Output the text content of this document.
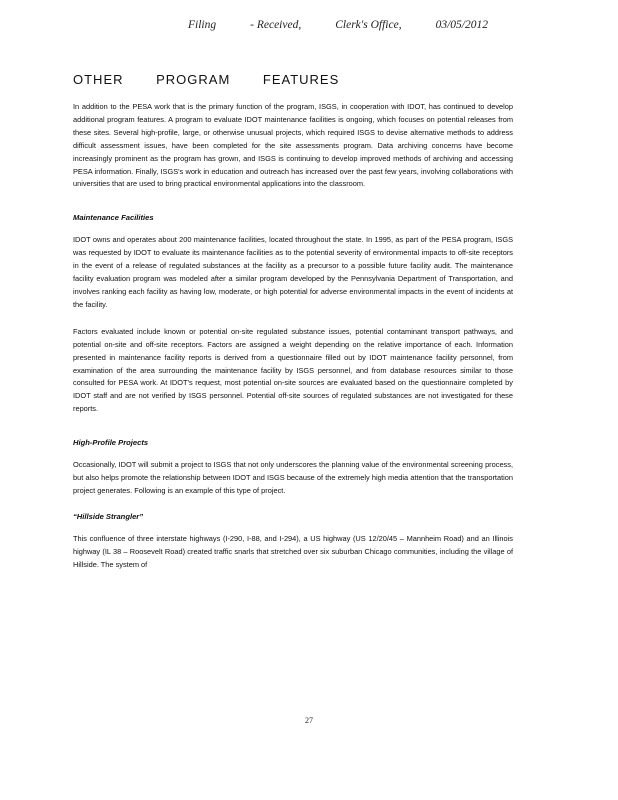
Filing	- Received,	Clerk's Office,	03/05/2012
OTHER PROGRAM FEATURES

In addition to the PESA work that is the primary function of the program, ISGS, in cooperation with IDOT, has continued to develop additional program features. A program to evaluate IDOT maintenance facilities is ongoing, which focuses on potential releases from these sites. Several high-profile, large, or otherwise unusual projects, which required ISGS to devise alternative methods to address difficult assessment issues, have been completed for the site assessments program. Data archiving concerns have become increasingly prominent as the program has grown, and ISGS is continuing to develop improved methods of archiving and accessing PESA information. Finally, ISGS's work in education and outreach has increased over the past few years, involving collaborations with universities that are used to bring practical environmental applications into the classroom.

Maintenance Facilities

IDOT owns and operates about 200 maintenance facilities, located throughout the state. In 1995, as part of the PESA program, ISGS was requested by IDOT to evaluate its maintenance facilities as to the potential severity of environmental impacts to off-site receptors in the event of a release of regulated substances at the facility as a precursor to a possible future facility audit. The maintenance facility evaluation program was modeled after a similar program developed by the Pennsylvania Department of Transportation, and involves ranking each facility as having low, moderate, or high potential for adverse environmental impacts in the event of incidents at the facility.

Factors evaluated include known or potential on-site regulated substance issues, potential contaminant transport pathways, and potential on-site and off-site receptors. Factors are assigned a weight depending on the relative importance of each. Information presented in maintenance facility reports is derived from a questionnaire filled out by IDOT maintenance facility personnel, from examination of the area surrounding the maintenance facility by ISGS personnel, and from database resources similar to those consulted for PESA work. At IDOT's request, most potential on-site sources are evaluated based on the questionnaire completed by IDOT staff and are not verified by ISGS personnel. Potential off-site sources of regulated substances are not investigated for these reports.

High-Profile Projects

Occasionally, IDOT will submit a project to ISGS that not only underscores the planning value of the environmental screening process, but also helps promote the relationship between IDOT and ISGS because of the extremely high media attention that the transportation project generates. Following is an example of this type of project.

“Hillside Strangler”

This confluence of three interstate highways (I-290, I-88, and I-294), a US highway (US 12/20/45 – Mannheim Road) and an Illinois highway (IL 38 – Roosevelt Road) created traffic snarls that stretched over six suburban Chicago communities, including the village of Hillside. The system of

27
